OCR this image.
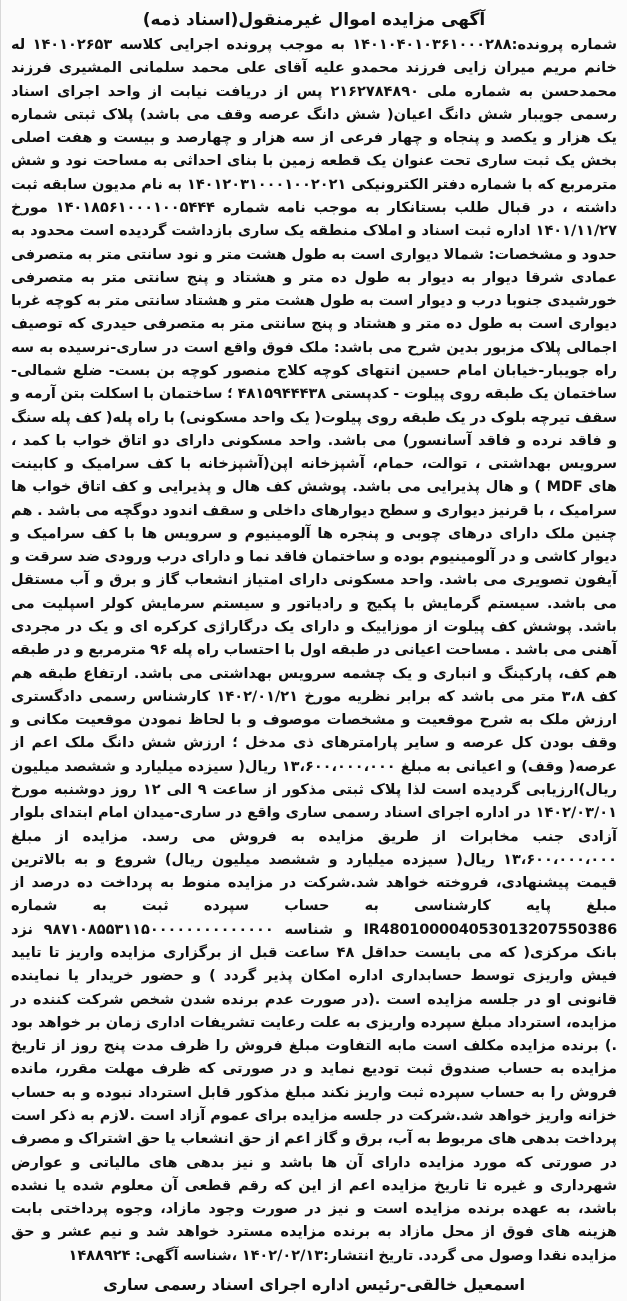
آگهی مزایده اموال غیرمنقول(اسناد ذمه)

شماره پرونده:۱۴۰۱۰۴۰۱۰۳۶۱۰۰۰۲۸۸ به موجب پرونده اجرایی کلاسه ۱۴۰۱۰۲۶۵۳ له خانم مریم میران زایی فرزند محمدو علیه آقای علی محمد سلمانی المشیری فرزند محمدحسن به شماره ملی ۲۱۶۲۷۸۴۸۹۰ پس از دریافت نیابت از واحد اجرای اسناد رسمی جویبار شش دانگ اعیان( شش دانگ عرصه وقف می باشد) پلاک ثبتی شماره یک هزار و یکصد و پنجاه و چهار فرعی از سه هزار و چهارصد و بیست و هفت اصلی بخش یک ثبت ساری تحت عنوان یک قطعه زمین با بنای احداثی به مساحت نود و شش مترمربع که با شماره دفتر الکترونیکی ۱۴۰۱۲۰۳۱۰۰۰۱۰۰۲۰۲۱ به نام مدیون سابقه ثبت داشته ، در قبال طلب بستانکار به موجب نامه شماره ۱۴۰۱۸۵۶۱۰۰۰۱۰۰۵۴۴۴ مورخ ۱۴۰۱/۱۱/۲۷ اداره ثبت اسناد و املاک منطقه یک ساری بازداشت گردیده است محدود به حدود و مشخصات: شمالا دیواری است به طول هشت متر و نود سانتی متر به متصرفی عمادی شرقا دیوار به دیوار به طول ده متر و هشتاد و پنج سانتی متر به متصرفی خورشیدی جنوبا درب و دیوار است به طول هشت متر و هشتاد سانتی متر به کوچه غربا دیواری است به طول ده متر و هشتاد و پنج سانتی متر به متصرفی حیدری که توصیف اجمالی پلاک مزبور بدین شرح می باشد: ملک فوق واقع است در ساری-نرسیده به سه راه جویبار-خیابان امام حسین انتهای کوچه کلاج منصور کوچه بن بست- ضلع شمالی-ساختمان یک طبقه روی پیلوت - کدپستی ۴۸۱۵۹۴۴۴۳۸ ؛ ساختمان با اسکلت بتن آرمه و سقف تیرچه بلوک در یک طبقه روی پیلوت( یک واحد مسکونی) با راه پله( کف پله سنگ و فاقد نرده و فاقد آسانسور) می باشد. واحد مسکونی دارای دو اتاق خواب با کمد ، سرویس بهداشتی ، توالت، حمام، آشپزخانه اپن(آشپزخانه با کف سرامیک و کابینت های MDF ) و هال پذیرایی می باشد. پوشش کف هال و پذیرایی و کف اتاق خواب ها سرامیک ، با قرنیز دیواری و سطح دیوارهای داخلی و سقف اندود دوگچه می باشد . هم چنین ملک دارای درهای چوبی و پنجره ها آلومینیوم و سرویس ها با کف سرامیک و دیوار کاشی و در آلومینیوم بوده و ساختمان فاقد نما و دارای درب ورودی ضد سرقت و آیفون تصویری می باشد. واحد مسکونی دارای امتیاز انشعاب گاز و برق و آب مستقل می باشد. سیستم گرمایش با پکیج و رادیاتور و سیستم سرمایش کولر اسپلیت می باشد. پوشش کف پیلوت از موزاییک و دارای یک درگاراژی کرکره ای و یک در مجردی آهنی می باشد . مساحت اعیانی در طبقه اول با احتساب راه پله ۹۶ مترمربع و در طبقه هم کف، پارکینگ و انباری و یک چشمه سرویس بهداشتی می باشد. ارتفاع طبقه هم کف ۳،۸ متر می باشد که برابر نظریه مورخ ۱۴۰۲/۰۱/۲۱ کارشناس رسمی دادگستری ارزش ملک به شرح موقعیت و مشخصات موصوف و با لحاظ نمودن موقعیت مکانی و وقف بودن کل عرصه و سایر پارامترهای ذی مدخل ؛ ارزش شش دانگ ملک اعم از عرصه( وقف) و اعیانی به مبلغ ۱۳،۶۰۰،۰۰۰،۰۰۰ ریال( سیزده میلیارد و ششصد میلیون ریال)ارزیابی گردیده است لذا پلاک ثبتی مذکور از ساعت ۹ الی ۱۲ روز دوشنبه مورخ ۱۴۰۲/۰۳/۰۱ در اداره اجرای اسناد رسمی ساری واقع در ساری-میدان امام ابتدای بلوار آزادی جنب مخابرات از طریق مزایده به فروش می رسد. مزایده از مبلغ ۱۳،۶۰۰،۰۰۰،۰۰۰ ریال( سیزده میلیارد و ششصد میلیون ریال) شروع و به بالاترین قیمت پیشنهادی، فروخته خواهد شد.شرکت در مزایده منوط به پرداخت ده درصد از مبلغ پایه کارشناسی به حساب سپرده ثبت به شماره IR480100004053013207550386 و شناسه ۹۸۷۱۰۸۵۵۳۱۱۵۰۰۰۰۰۰۰۰۰۰۰۰۰۰ نزد بانک مرکزی( که می بایست حداقل ۴۸ ساعت قبل از برگزاری مزایده واریز تا تایید فیش واریزی توسط حسابداری اداره امکان پذیر گردد ) و حضور خریدار یا نماینده قانونی او در جلسه مزایده است .(در صورت عدم برنده شدن شخص شرکت کننده در مزایده، استرداد مبلغ سپرده واریزی به علت رعایت تشریفات اداری زمان بر خواهد بود .) برنده مزایده مکلف است مابه التفاوت مبلغ فروش را ظرف مدت پنج روز از تاریخ مزایده به حساب صندوق ثبت تودیع نماید و در صورتی که ظرف مهلت مقرر، مانده فروش را به حساب سپرده ثبت واریز نکند مبلغ مذکور قابل استرداد نبوده و به حساب خزانه واریز خواهد شد.شرکت در جلسه مزایده برای عموم آزاد است .لازم به ذکر است پرداخت بدهی های مربوط به آب، برق و گاز اعم از حق انشعاب یا حق اشتراک و مصرف در صورتی که مورد مزایده دارای آن ها باشد و نیز بدهی های مالیاتی و عوارض شهرداری و غیره تا تاریخ مزایده اعم از این که رقم قطعی آن معلوم شده یا نشده باشد، به عهده برنده مزایده است و نیز در صورت وجود مازاد، وجوه پرداختی بابت هزینه های فوق از محل مازاد به برنده مزایده مسترد خواهد شد و نیم عشر و حق مزایده نقدا وصول می گردد. تاریخ انتشار:۱۴۰۲/۰۲/۱۳ ،شناسه آگهی: ۱۴۸۸۹۲۴

اسمعیل خالقی-رئیس اداره اجرای اسناد رسمی ساری
